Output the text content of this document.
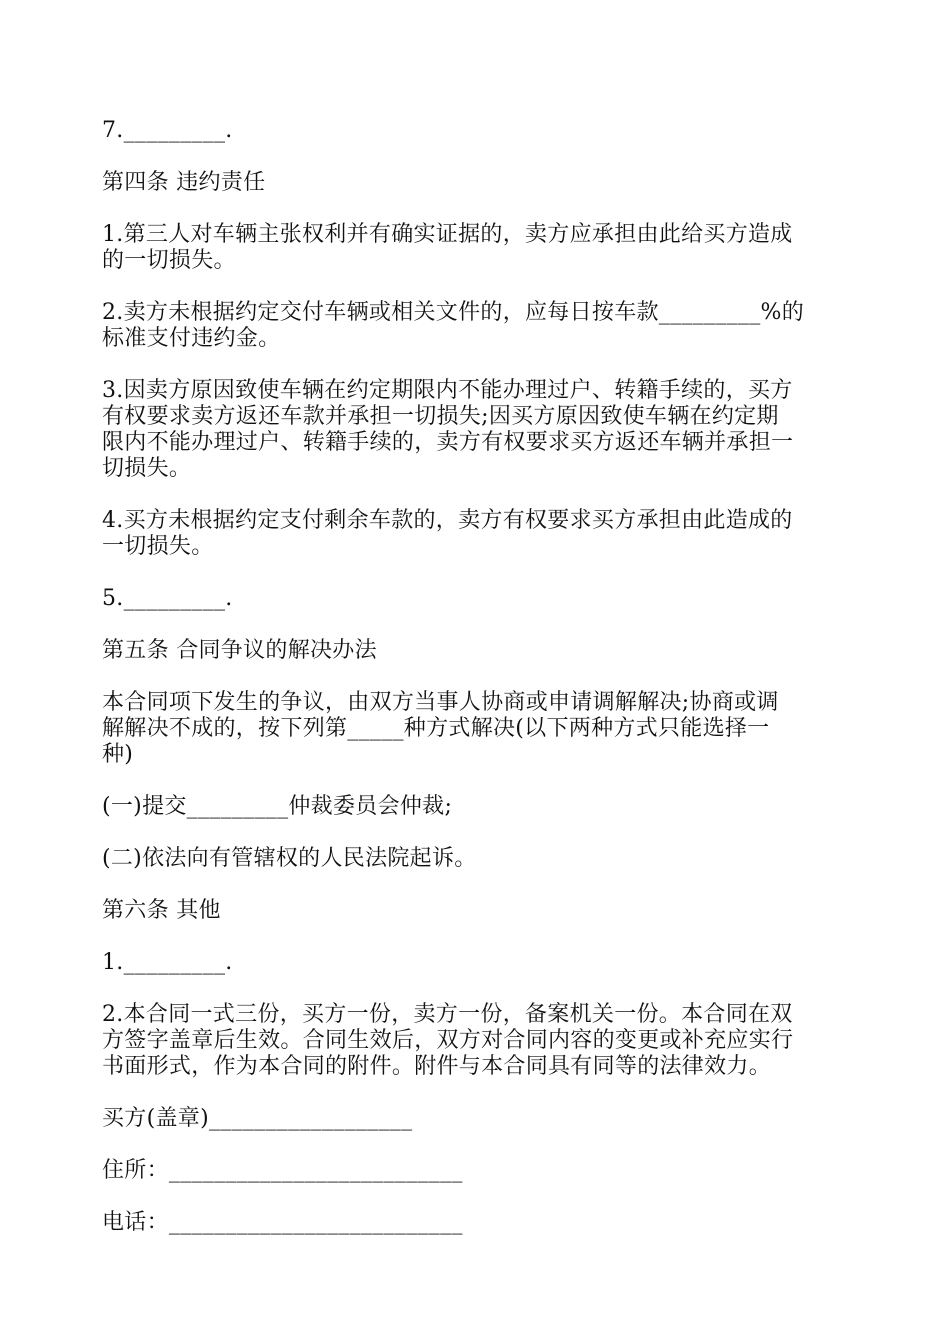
7._________.
第四条 违约责任
1.第三人对车辆主张权利并有确实证据的，卖方应承担由此给买方造成
的一切损失。
2.卖方未根据约定交付车辆或相关文件的，应每日按车款_________%的
标准支付违约金。
3.因卖方原因致使车辆在约定期限内不能办理过户、转籍手续的，买方
有权要求卖方返还车款并承担一切损失;因买方原因致使车辆在约定期
限内不能办理过户、转籍手续的，卖方有权要求买方返还车辆并承担一
切损失。
4.买方未根据约定支付剩余车款的，卖方有权要求买方承担由此造成的
一切损失。
5._________.
第五条 合同争议的解决办法
本合同项下发生的争议，由双方当事人协商或申请调解解决;协商或调
解解决不成的，按下列第_____种方式解决(以下两种方式只能选择一
种)
(一)提交_________仲裁委员会仲裁;
(二)依法向有管辖权的人民法院起诉。
第六条 其他
1._________.
2.本合同一式三份，买方一份，卖方一份，备案机关一份。本合同在双
方签字盖章后生效。合同生效后，双方对合同内容的变更或补充应实行
书面形式，作为本合同的附件。附件与本合同具有同等的法律效力。
买方(盖章)__________________
住所：__________________________
电话：__________________________
